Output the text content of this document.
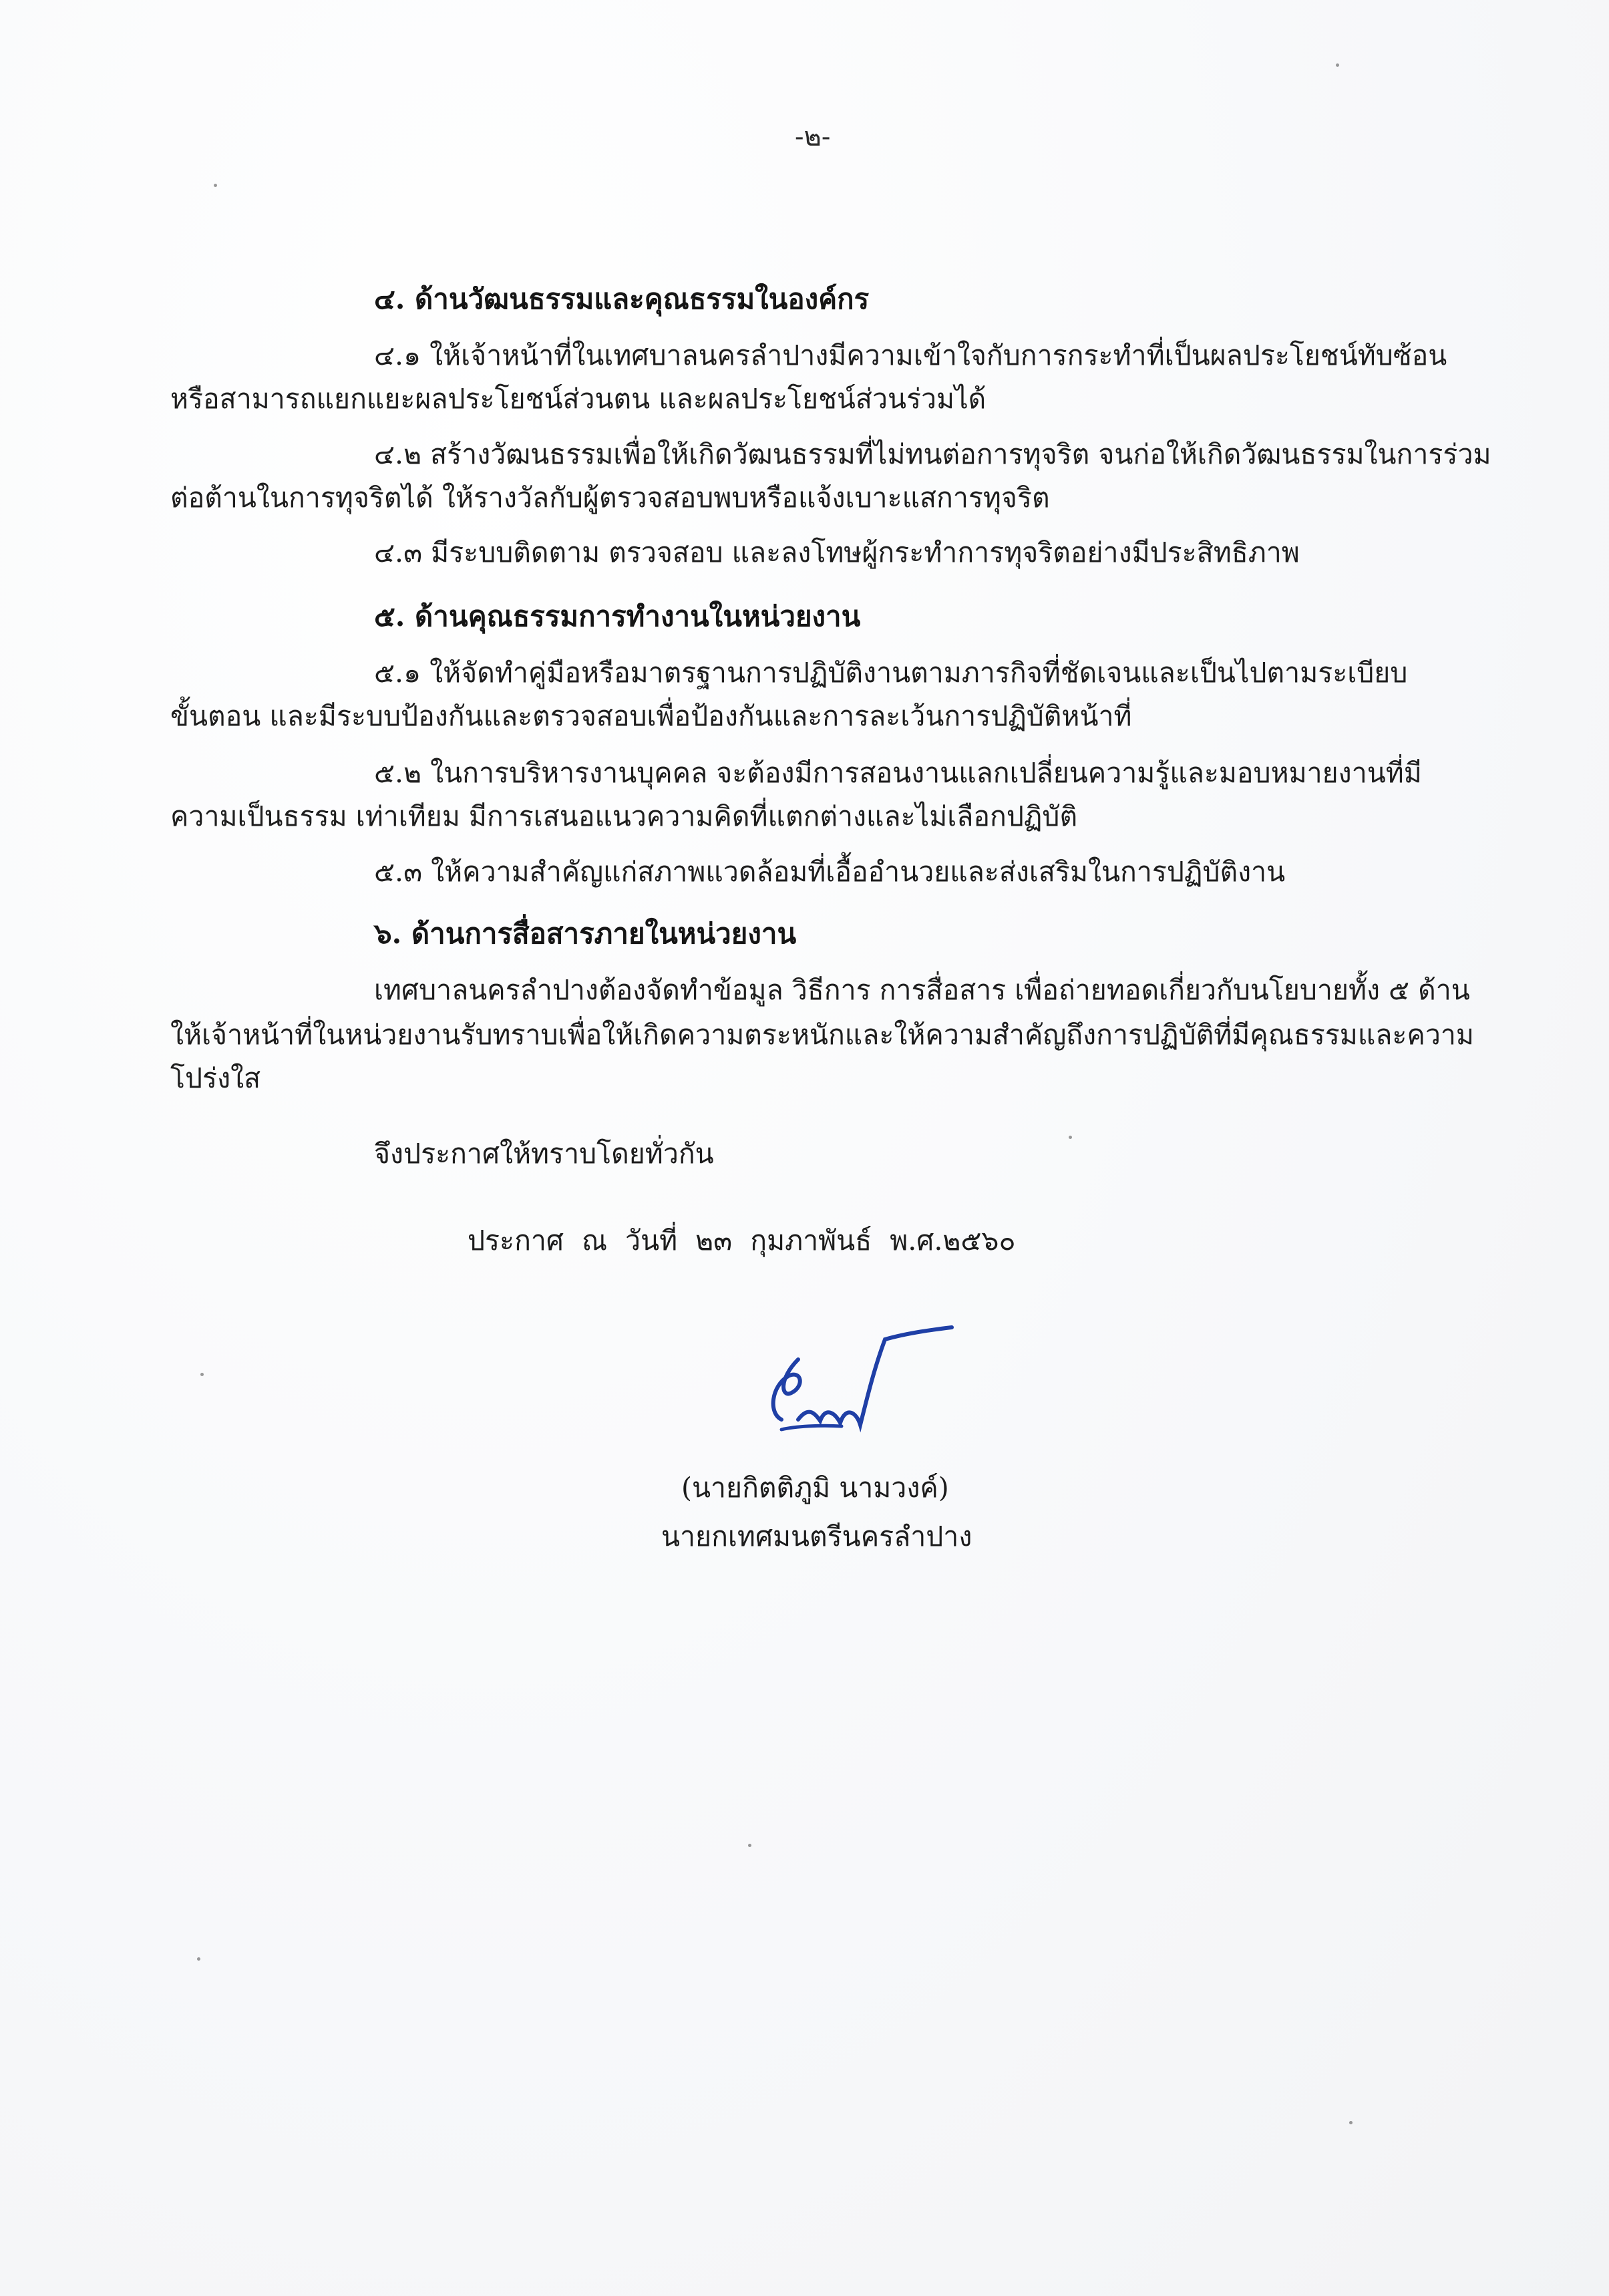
-๒-
๔. ด้านวัฒนธรรมและคุณธรรมในองค์กร
๔.๑ ให้เจ้าหน้าที่ในเทศบาลนครลำปางมีความเข้าใจกับการกระทำที่เป็นผลประโยชน์ทับซ้อน
หรือสามารถแยกแยะผลประโยชน์ส่วนตน และผลประโยชน์ส่วนร่วมได้
๔.๒ สร้างวัฒนธรรมเพื่อให้เกิดวัฒนธรรมที่ไม่ทนต่อการทุจริต จนก่อให้เกิดวัฒนธรรมในการร่วม
ต่อต้านในการทุจริตได้ ให้รางวัลกับผู้ตรวจสอบพบหรือแจ้งเบาะแสการทุจริต
๔.๓ มีระบบติดตาม ตรวจสอบ และลงโทษผู้กระทำการทุจริตอย่างมีประสิทธิภาพ
๕. ด้านคุณธรรมการทำงานในหน่วยงาน
๕.๑ ให้จัดทำคู่มือหรือมาตรฐานการปฏิบัติงานตามภารกิจที่ชัดเจนและเป็นไปตามระเบียบ
ขั้นตอน และมีระบบป้องกันและตรวจสอบเพื่อป้องกันและการละเว้นการปฏิบัติหน้าที่
๕.๒ ในการบริหารงานบุคคล จะต้องมีการสอนงานแลกเปลี่ยนความรู้และมอบหมายงานที่มี
ความเป็นธรรม เท่าเทียม มีการเสนอแนวความคิดที่แตกต่างและไม่เลือกปฏิบัติ
๕.๓ ให้ความสำคัญแก่สภาพแวดล้อมที่เอื้ออำนวยและส่งเสริมในการปฏิบัติงาน
๖. ด้านการสื่อสารภายในหน่วยงาน
เทศบาลนครลำปางต้องจัดทำข้อมูล วิธีการ การสื่อสาร เพื่อถ่ายทอดเกี่ยวกับนโยบายทั้ง ๕ ด้าน
ให้เจ้าหน้าที่ในหน่วยงานรับทราบเพื่อให้เกิดความตระหนักและให้ความสำคัญถึงการปฏิบัติที่มีคุณธรรมและความ
โปร่งใส
จึงประกาศให้ทราบโดยทั่วกัน
ประกาศ ณ วันที่ ๒๓ กุมภาพันธ์ พ.ศ.๒๕๖๐
(นายกิตติภูมิ นามวงค์)
นายกเทศมนตรีนครลำปาง
